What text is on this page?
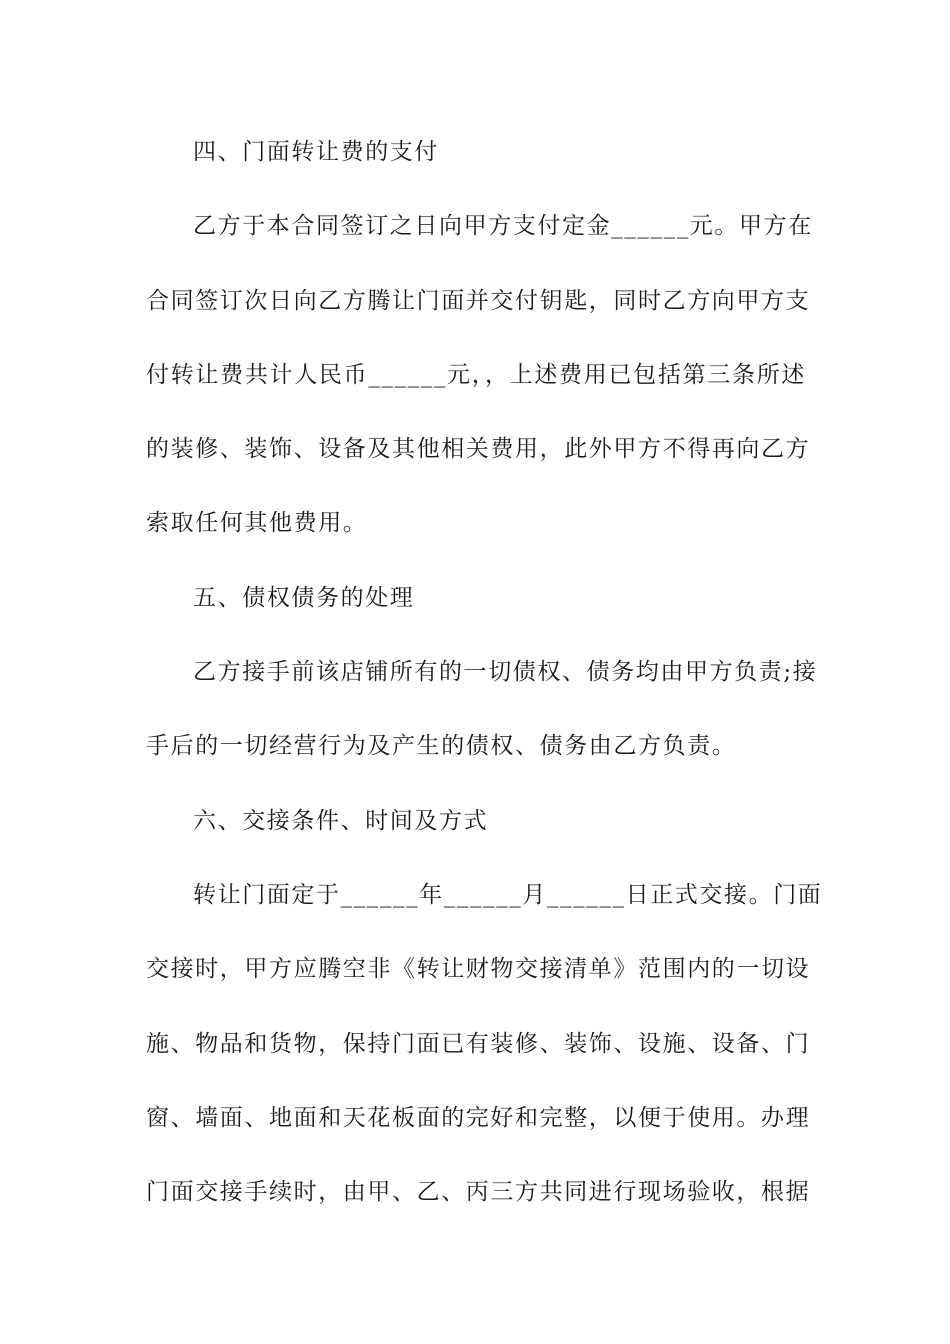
四、门面转让费的支付
乙方于本合同签订之日向甲方支付定金______元。甲方在
合同签订次日向乙方腾让门面并交付钥匙，同时乙方向甲方支
付转让费共计人民币______元，，上述费用已包括第三条所述
的装修、装饰、设备及其他相关费用，此外甲方不得再向乙方
索取任何其他费用。
五、债权债务的处理
乙方接手前该店铺所有的一切债权、债务均由甲方负责;接
手后的一切经营行为及产生的债权、债务由乙方负责。
六、交接条件、时间及方式
转让门面定于______年______月______日正式交接。门面
交接时，甲方应腾空非《转让财物交接清单》范围内的一切设
施、物品和货物，保持门面已有装修、装饰、设施、设备、门
窗、墙面、地面和天花板面的完好和完整，以便于使用。办理
门面交接手续时，由甲、乙、丙三方共同进行现场验收，根据
